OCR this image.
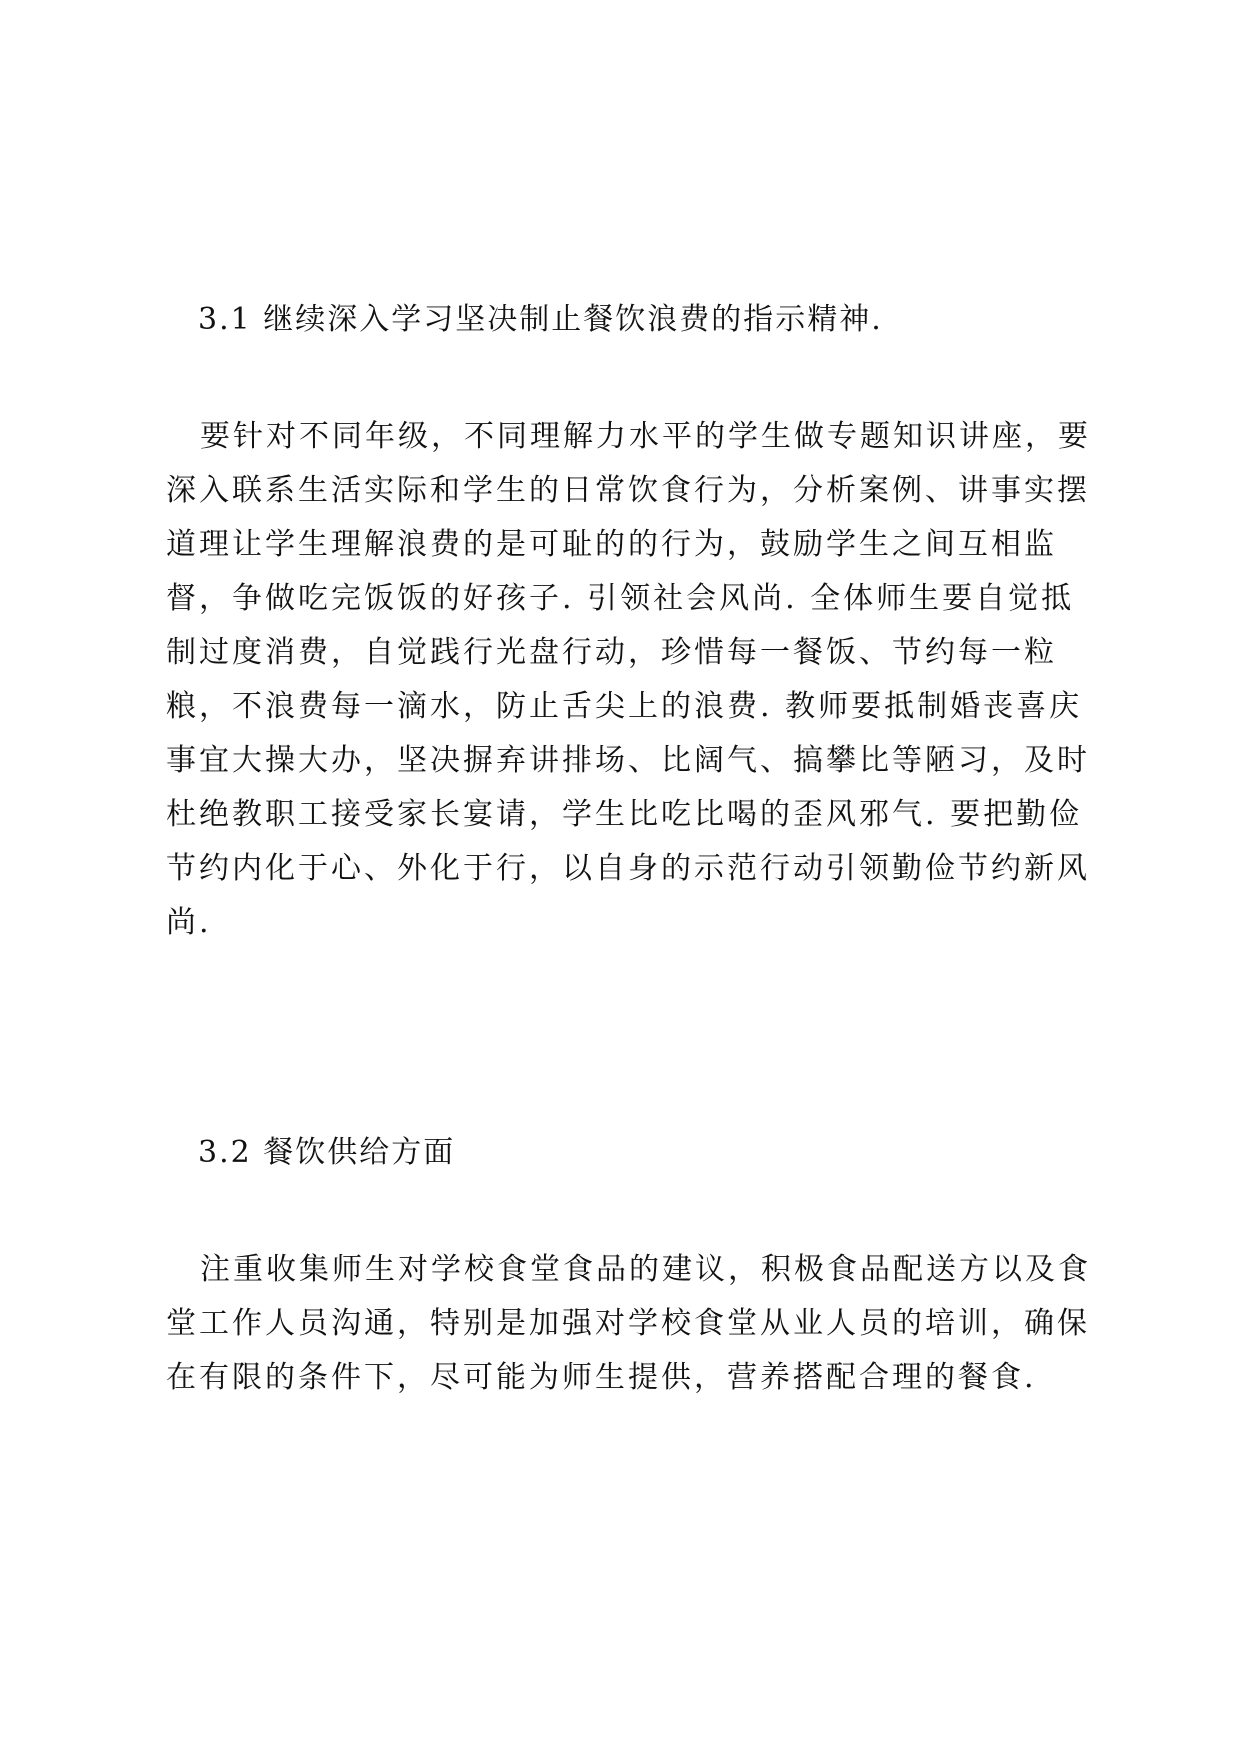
3.1 继续深入学习坚决制止餐饮浪费的指示精神.
要针对不同年级，不同理解力水平的学生做专题知识讲座，要
深入联系生活实际和学生的日常饮食行为，分析案例、讲事实摆
道理让学生理解浪费的是可耻的的行为，鼓励学生之间互相监
督，争做吃完饭饭的好孩子. 引领社会风尚. 全体师生要自觉抵
制过度消费，自觉践行光盘行动，珍惜每一餐饭、节约每一粒
粮，不浪费每一滴水，防止舌尖上的浪费. 教师要抵制婚丧喜庆
事宜大操大办，坚决摒弃讲排场、比阔气、搞攀比等陋习，及时
杜绝教职工接受家长宴请，学生比吃比喝的歪风邪气. 要把勤俭
节约内化于心、外化于行，以自身的示范行动引领勤俭节约新风
尚.
3.2 餐饮供给方面
注重收集师生对学校食堂食品的建议，积极食品配送方以及食
堂工作人员沟通，特别是加强对学校食堂从业人员的培训，确保
在有限的条件下，尽可能为师生提供，营养搭配合理的餐食.
